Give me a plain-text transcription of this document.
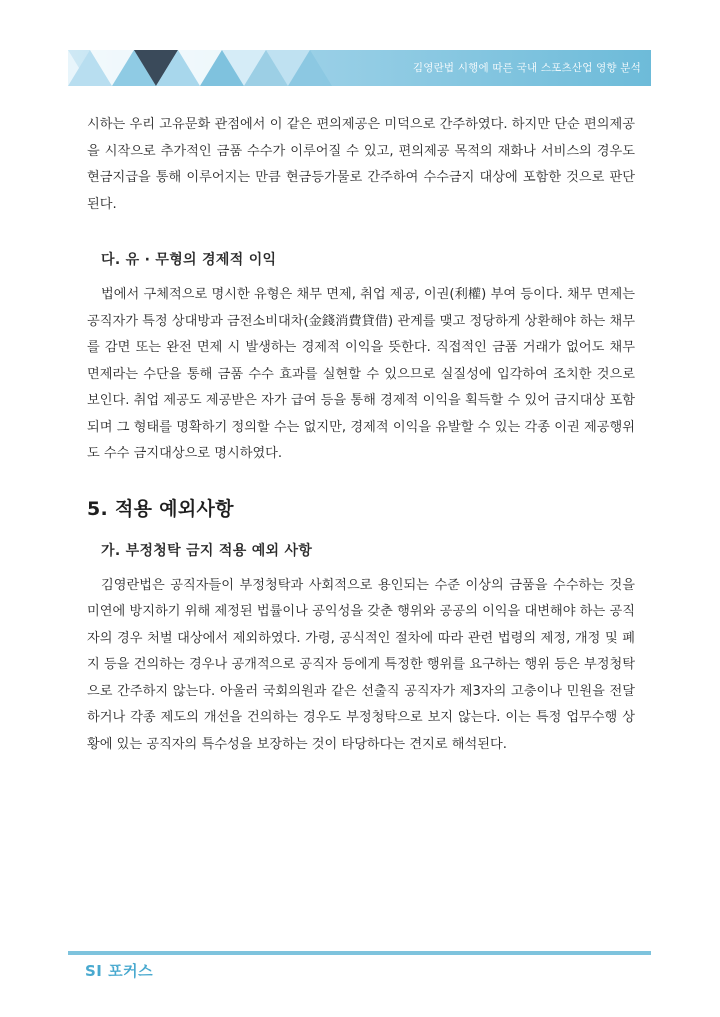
김영란법 시행에 따른 국내 스포츠산업 영향 분석

시하는 우리 고유문화 관점에서 이 같은 편의제공은 미덕으로 간주하였다. 하지만 단순 편의제공을 시작으로 추가적인 금품 수수가 이루어질 수 있고, 편의제공 목적의 재화나 서비스의 경우도 현금지급을 통해 이루어지는 만큼 현금등가물로 간주하여 수수금지 대상에 포함한 것으로 판단된다.

다. 유 · 무형의 경제적 이익

법에서 구체적으로 명시한 유형은 채무 면제, 취업 제공, 이권(利權) 부여 등이다. 채무 면제는 공직자가 특정 상대방과 금전소비대차(金錢消費貸借) 관계를 맺고 정당하게 상환해야 하는 채무를 감면 또는 완전 면제 시 발생하는 경제적 이익을 뜻한다. 직접적인 금품 거래가 없어도 채무 면제라는 수단을 통해 금품 수수 효과를 실현할 수 있으므로 실질성에 입각하여 조치한 것으로 보인다. 취업 제공도 제공받은 자가 급여 등을 통해 경제적 이익을 획득할 수 있어 금지대상 포함되며 그 형태를 명확하기 정의할 수는 없지만, 경제적 이익을 유발할 수 있는 각종 이권 제공행위도 수수 금지대상으로 명시하였다.

5. 적용 예외사항
가. 부정청탁 금지 적용 예외 사항

김영란법은 공직자들이 부정청탁과 사회적으로 용인되는 수준 이상의 금품을 수수하는 것을 미연에 방지하기 위해 제정된 법률이나 공익성을 갖춘 행위와 공공의 이익을 대변해야 하는 공직자의 경우 처벌 대상에서 제외하였다. 가령, 공식적인 절차에 따라 관련 법령의 제정, 개정 및 폐지 등을 건의하는 경우나 공개적으로 공직자 등에게 특정한 행위를 요구하는 행위 등은 부정청탁으로 간주하지 않는다. 아울러 국회의원과 같은 선출직 공직자가 제3자의 고충이나 민원을 전달하거나 각종 제도의 개선을 건의하는 경우도 부정청탁으로 보지 않는다. 이는 특정 업무수행 상황에 있는 공직자의 특수성을 보장하는 것이 타당하다는 견지로 해석된다.

SI 포커스
